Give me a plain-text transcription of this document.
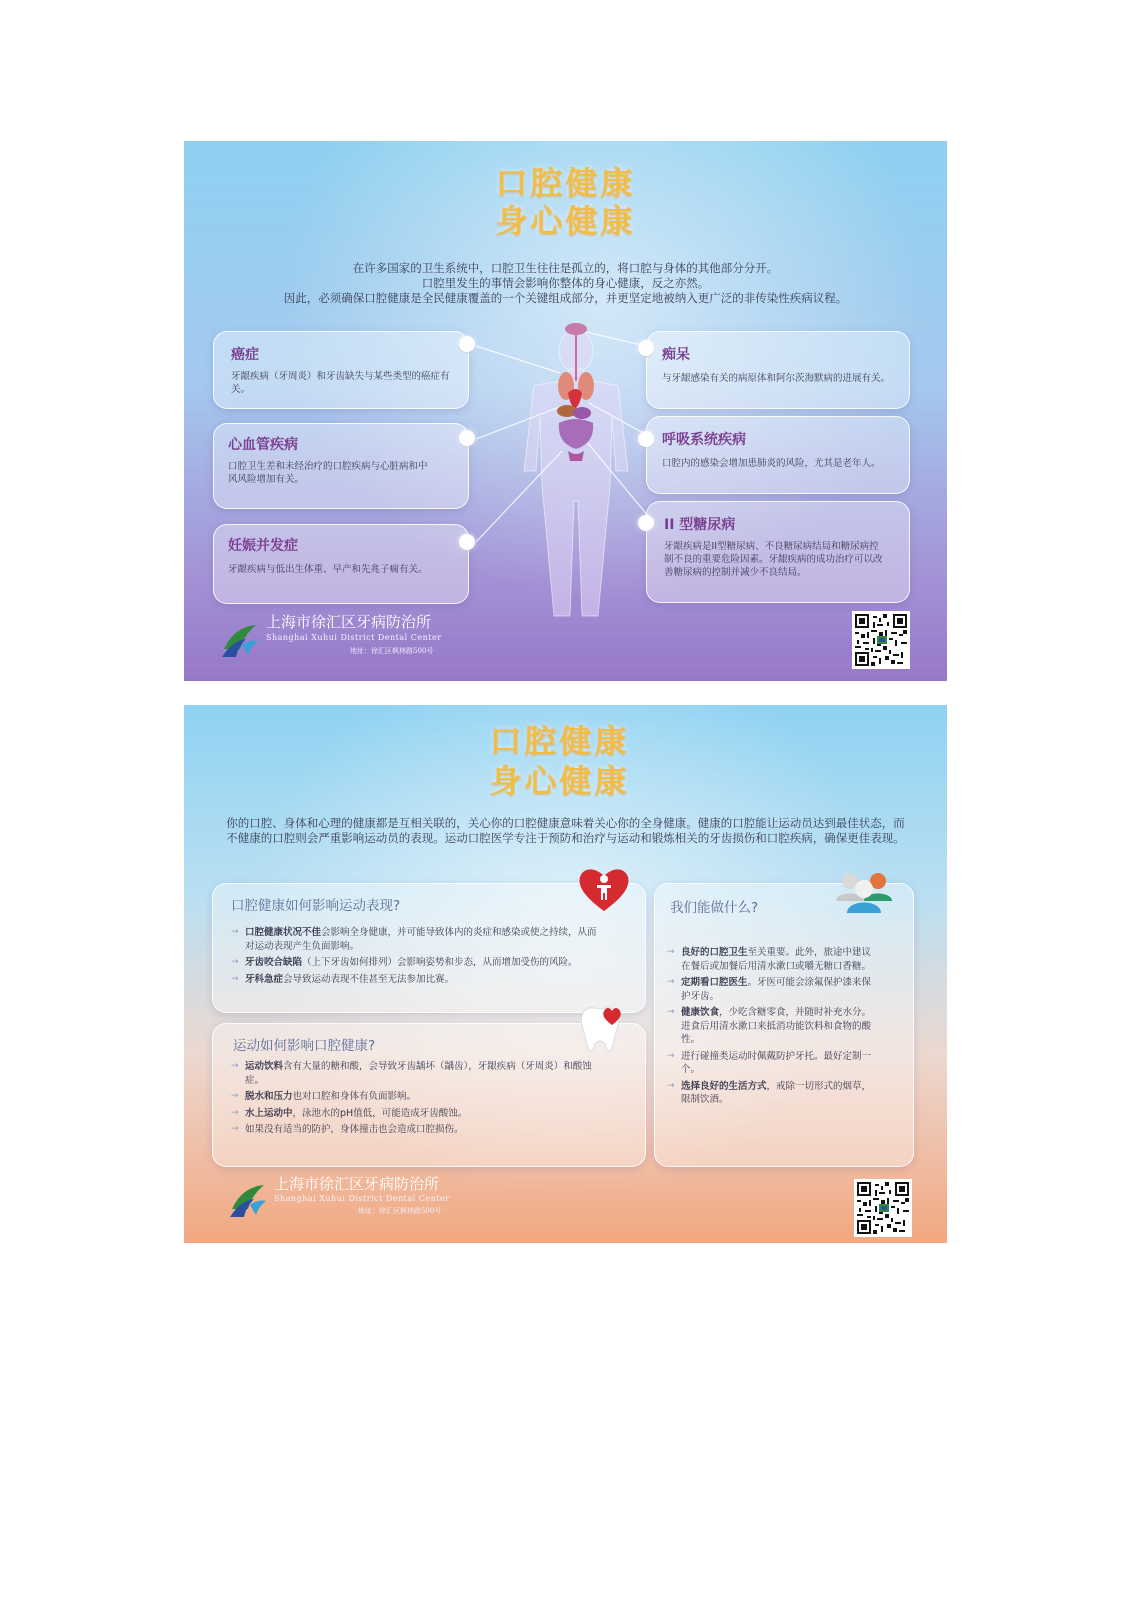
口腔健康
身心健康
在许多国家的卫生系统中，口腔卫生往往是孤立的，将口腔与身体的其他部分分开。
口腔里发生的事情会影响你整体的身心健康，反之亦然。
因此，必须确保口腔健康是全民健康覆盖的一个关键组成部分，并更坚定地被纳入更广泛的非传染性疾病议程。
癌症

牙龈疾病（牙周炎）和牙齿缺失与某些类型的癌症有关。

心血管疾病

口腔卫生差和未经治疗的口腔疾病与心脏病和中风风险增加有关。

妊娠并发症

牙龈疾病与低出生体重、早产和先兆子痫有关。

痴呆

与牙龈感染有关的病原体和阿尔茨海默病的进展有关。

呼吸系统疾病

口腔内的感染会增加患肺炎的风险，尤其是老年人。

II 型糖尿病

牙龈疾病是II型糖尿病、不良糖尿病结局和糖尿病控制不良的重要危险因素。牙龈疾病的成功治疗可以改善糖尿病的控制并减少不良结局。

上海市徐汇区牙病防治所
Shanghai Xuhui District Dental Center
地址：徐汇区枫林路500号
口腔健康
身心健康
你的口腔、身体和心理的健康都是互相关联的，关心你的口腔健康意味着关心你的全身健康。健康的口腔能让运动员达到最佳状态，而不健康的口腔则会严重影响运动员的表现。运动口腔医学专注于预防和治疗与运动和锻炼相关的牙齿损伤和口腔疾病，确保更佳表现。
口腔健康如何影响运动表现?
→ 口腔健康状况不佳会影响全身健康，并可能导致体内的炎症和感染或使之持续，从而对运动表现产生负面影响。
→ 牙齿咬合缺陷（上下牙齿如何排列）会影响姿势和步态，从而增加受伤的风险。
→ 牙科急症会导致运动表现不佳甚至无法参加比赛。
运动如何影响口腔健康?
→ 运动饮料含有大量的糖和酸，会导致牙齿龋坏（龋齿），牙龈疾病（牙周炎）和酸蚀症。
→ 脱水和压力也对口腔和身体有负面影响。
→ 水上运动中，泳池水的pH值低，可能造成牙齿酸蚀。
→ 如果没有适当的防护，身体撞击也会造成口腔损伤。
我们能做什么?
→ 良好的口腔卫生至关重要。此外，旅途中建议在餐后或加餐后用清水漱口或嚼无糖口香糖。
→ 定期看口腔医生。牙医可能会涂氟保护漆来保护牙齿。
→ 健康饮食，少吃含糖零食，并随时补充水分。进食后用清水漱口来抵消功能饮料和食物的酸性。
→ 进行碰撞类运动时佩戴防护牙托。最好定制一个。
→ 选择良好的生活方式，戒除一切形式的烟草，限制饮酒。
上海市徐汇区牙病防治所
Shanghai Xuhui District Dental Center
地址：徐汇区枫林路500号
